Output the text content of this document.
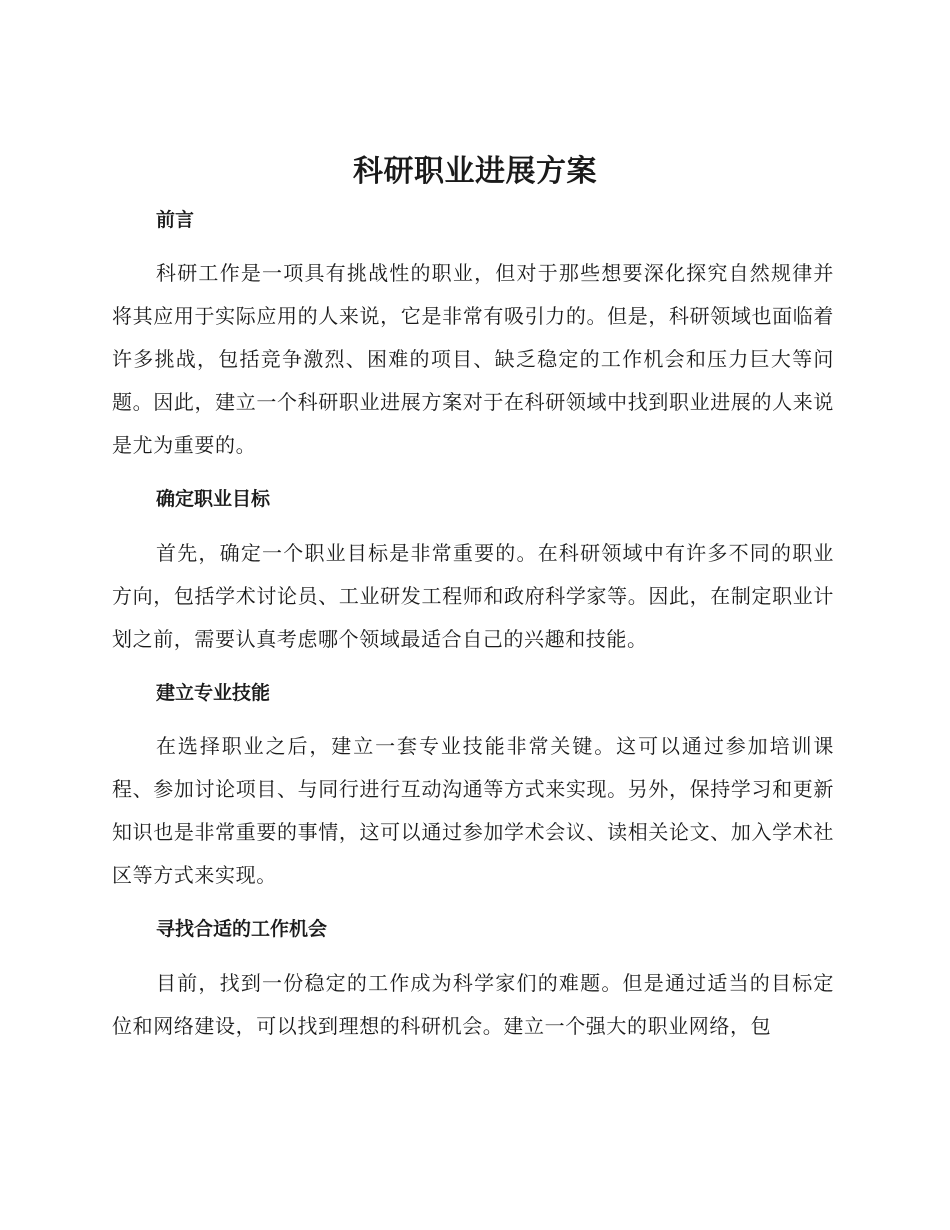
科研职业进展方案
前言

科研工作是一项具有挑战性的职业，但对于那些想要深化探究自然规律并将其应用于实际应用的人来说，它是非常有吸引力的。但是，科研领域也面临着许多挑战，包括竞争激烈、困难的项目、缺乏稳定的工作机会和压力巨大等问题。因此，建立一个科研职业进展方案对于在科研领域中找到职业进展的人来说是尤为重要的。

确定职业目标

首先，确定一个职业目标是非常重要的。在科研领域中有许多不同的职业方向，包括学术讨论员、工业研发工程师和政府科学家等。因此，在制定职业计划之前，需要认真考虑哪个领域最适合自己的兴趣和技能。

建立专业技能

在选择职业之后，建立一套专业技能非常关键。这可以通过参加培训课程、参加讨论项目、与同行进行互动沟通等方式来实现。另外，保持学习和更新知识也是非常重要的事情，这可以通过参加学术会议、读相关论文、加入学术社区等方式来实现。

寻找合适的工作机会

目前，找到一份稳定的工作成为科学家们的难题。但是通过适当的目标定位和网络建设，可以找到理想的科研机会。建立一个强大的职业网络，包
